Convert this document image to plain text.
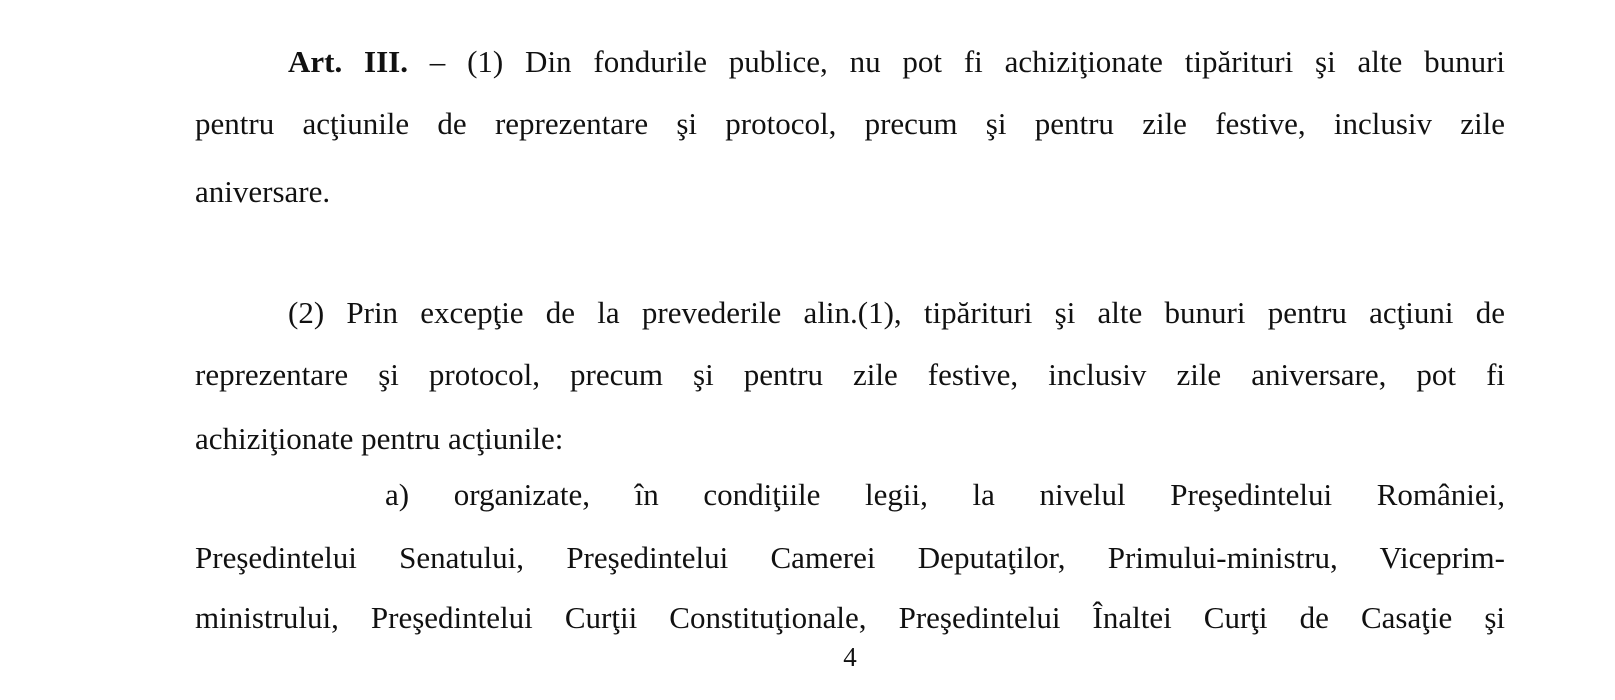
Art. III. – (1) Din fondurile publice, nu pot fi achiziţionate tipărituri şi alte bunuri
pentru acţiunile de reprezentare şi protocol, precum şi pentru zile festive, inclusiv zile
aniversare.
(2) Prin excepţie de la prevederile alin.(1), tipărituri şi alte bunuri pentru acţiuni de
reprezentare şi protocol, precum şi pentru zile festive, inclusiv zile aniversare, pot fi
achiziţionate pentru acţiunile:
a) organizate, în condiţiile legii, la nivelul Preşedintelui României,
Preşedintelui Senatului, Preşedintelui Camerei Deputaţilor, Primului-ministru, Viceprim-
ministrului, Preşedintelui Curţii Constituţionale, Preşedintelui Înaltei Curţi de Casaţie şi
4
